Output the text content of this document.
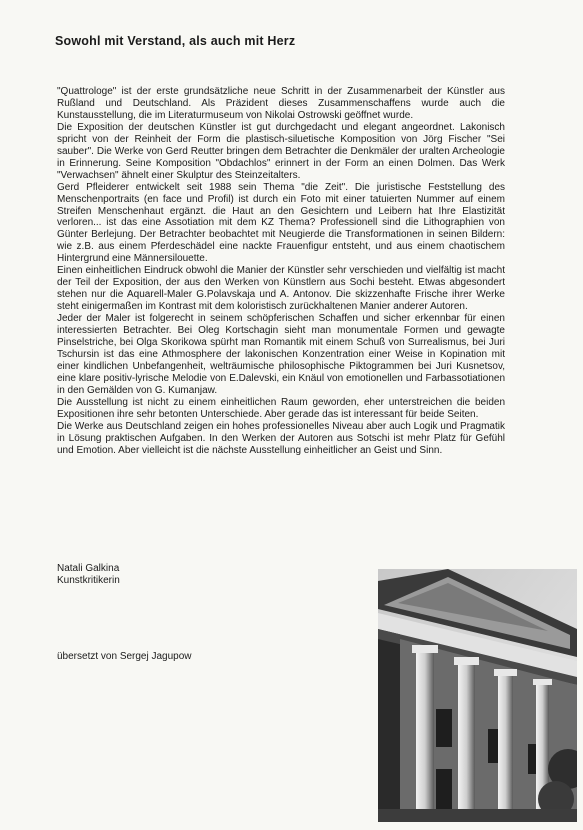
Sowohl mit Verstand, als auch mit Herz

"Quattrologe" ist der erste grundsätzliche neue Schritt in der Zusammenarbeit der Künstler aus Rußland und Deutschland. Als Präzident dieses Zusammenschaffens wurde auch die Kunstausstellung, die im Literaturmuseum von Nikolai Ostrowski geöffnet wurde.

Die Exposition der deutschen Künstler ist gut durchgedacht und elegant angeordnet. Lakonisch spricht von der Reinheit der Form die plastisch-siluetische Komposition von Jörg Fischer "Sei sauber". Die Werke von Gerd Reutter bringen dem Betrachter die Denkmäler der uralten Archeologie in Erinnerung. Seine Komposition "Obdachlos" erinnert in der Form an einen Dolmen. Das Werk "Verwachsen" ähnelt einer Skulptur des Steinzeitalters.

Gerd Pfleiderer entwickelt seit 1988 sein Thema "die Zeit". Die juristische Feststellung des Menschenportraits (en face und Profil) ist durch ein Foto mit einer tatuierten Nummer auf einem Streifen Menschenhaut ergänzt. die Haut an den Gesichtern und Leibern hat Ihre Elastizität verloren... ist das eine Assotiation mit dem KZ Thema? Professionell sind die Lithographien von Günter Berlejung. Der Betrachter beobachtet mit Neugierde die Transformationen in seinen Bildern: wie z.B. aus einem Pferdeschädel eine nackte Frauenfigur entsteht, und aus einem chaotischem Hintergrund eine Männersilouette.

Einen einheitlichen Eindruck obwohl die Manier der Künstler sehr verschieden und vielfältig ist macht der Teil der Exposition, der aus den Werken von Künstlern aus Sochi besteht. Etwas abgesondert stehen nur die Aquarell-Maler G.Polavskaja und A. Antonov. Die skizzenhafte Frische ihrer Werke steht einigermaßen im Kontrast mit dem koloristisch zurückhaltenen Manier anderer Autoren.

Jeder der Maler ist folgerecht in seinem schöpferischen Schaffen und sicher erkennbar für einen interessierten Betrachter. Bei Oleg Kortschagin sieht man monumentale Formen und gewagte Pinselstriche, bei Olga Skorikowa spürht man Romantik mit einem Schuß von Surrealismus, bei Juri Tschursin ist das eine Athmosphere der lakonischen Konzentration einer Weise in Kopination mit einer kindlichen Unbefangenheit, welträumische philosophische Piktogrammen bei Juri Kusnetsov, eine klare positiv-lyrische Melodie von E.Dalevski, ein Knäul von emotionellen und Farbassotiationen in den Gemälden von G. Kumanjaw.

Die Ausstellung ist nicht zu einem einheitlichen Raum geworden, eher unterstreichen die beiden Expositionen ihre sehr betonten Unterschiede. Aber gerade das ist interessant für beide Seiten.

Die Werke aus Deutschland zeigen ein hohes professionelles Niveau aber auch Logik und Pragmatik in Lösung praktischen Aufgaben. In den Werken der Autoren aus Sotschi ist mehr Platz für Gefühl und Emotion. Aber vielleicht ist die nächste Ausstellung einheitlicher an Geist und Sinn.

Natali Galkina
Kunstkritikerin
übersetzt von Sergej Jagupow
